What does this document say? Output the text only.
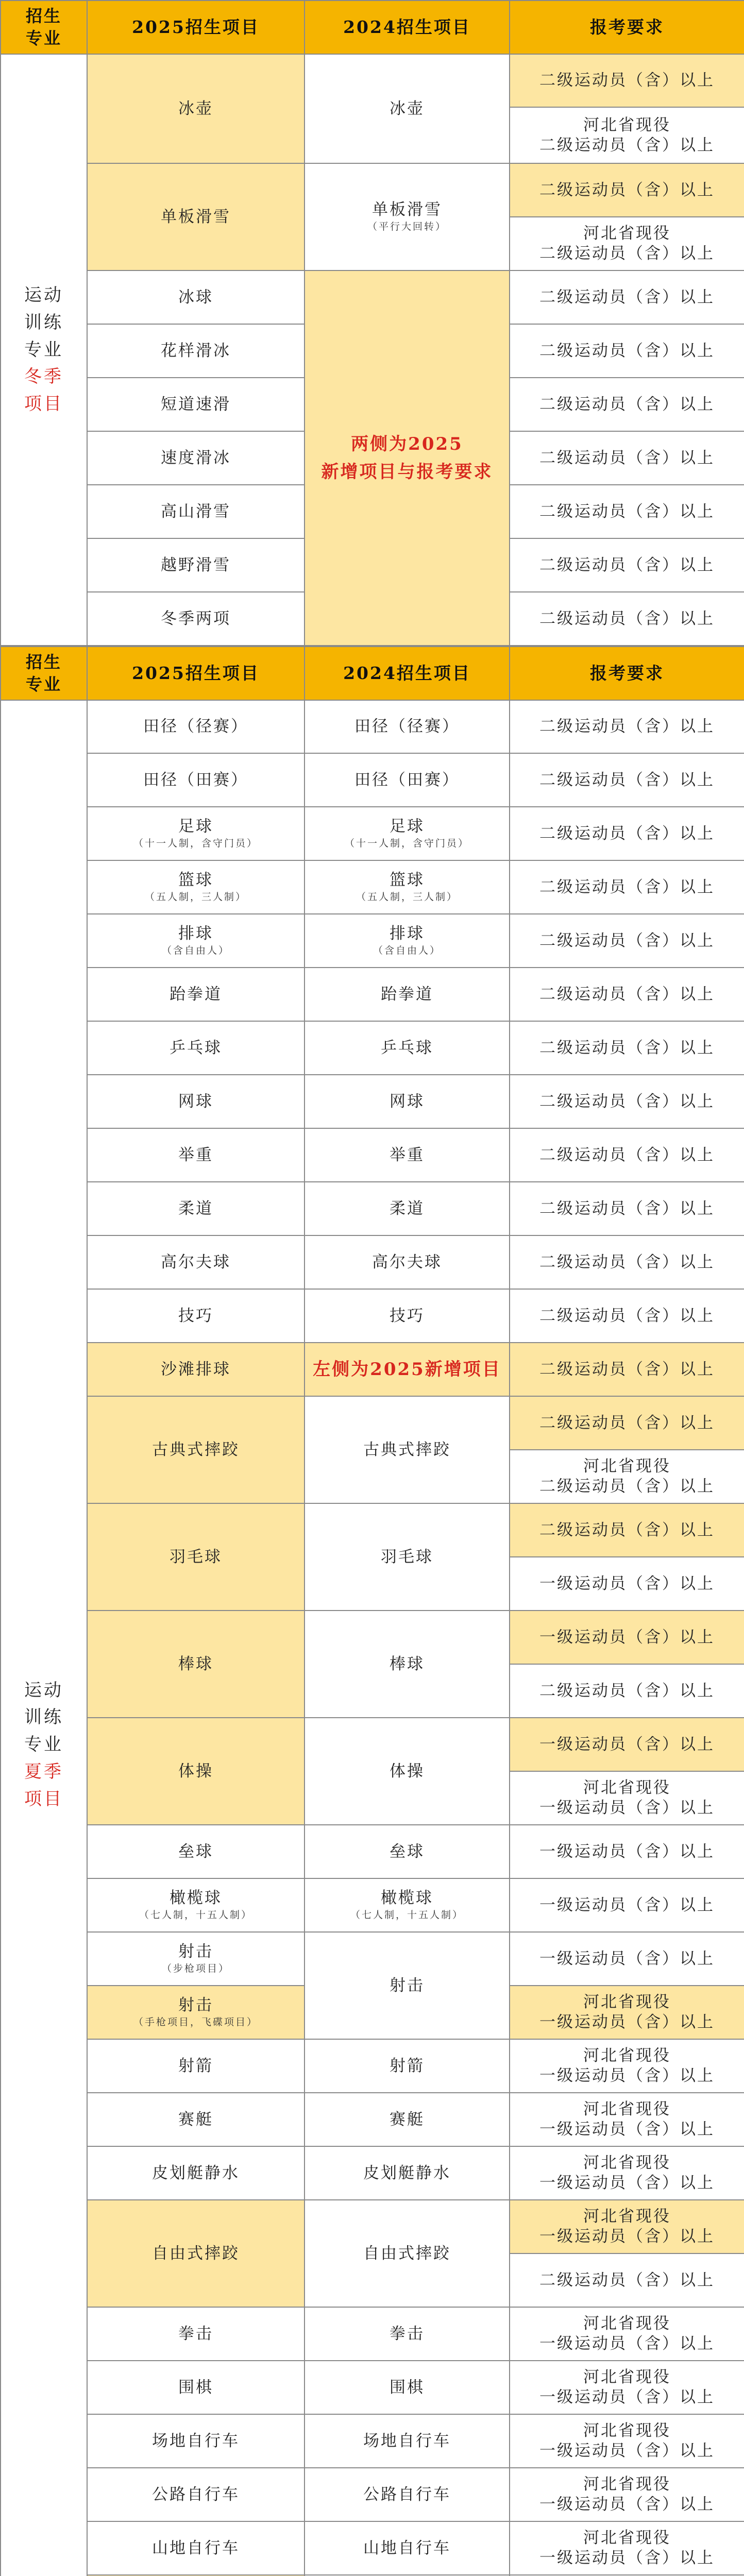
招生
专业	2025招生项目	2024招生项目	报考要求

运动
训练
专业
冬季
项目	冰壶	冰壶	二级运动员（含）以上

			河北省现役
二级运动员（含）以上

	单板滑雪	单板滑雪
（平行大回转）	二级运动员（含）以上

			河北省现役
二级运动员（含）以上

	冰球	两侧为2025
新增项目与报考要求	二级运动员（含）以上
	花样滑冰		二级运动员（含）以上
	短道速滑		二级运动员（含）以上
	速度滑冰		二级运动员（含）以上
	高山滑雪		二级运动员（含）以上
	越野滑雪		二级运动员（含）以上
	冬季两项		二级运动员（含）以上
招生
专业	2025招生项目	2024招生项目	报考要求

运动
训练
专业
夏季
项目	田径（径赛）	田径（径赛）	二级运动员（含）以上
	田径（田赛）	田径（田赛）	二级运动员（含）以上

	足球
（十一人制，含守门员）	足球
（十一人制，含守门员）	二级运动员（含）以上

	篮球
（五人制，三人制）	篮球
（五人制，三人制）	二级运动员（含）以上

	排球
（含自由人）	排球
（含自由人）	二级运动员（含）以上
	跆拳道	跆拳道	二级运动员（含）以上
	乒乓球	乒乓球	二级运动员（含）以上
	网球	网球	二级运动员（含）以上
	举重	举重	二级运动员（含）以上
	柔道	柔道	二级运动员（含）以上
	高尔夫球	高尔夫球	二级运动员（含）以上
	技巧	技巧	二级运动员（含）以上
	沙滩排球	左侧为2025新增项目	二级运动员（含）以上
	古典式摔跤	古典式摔跤	二级运动员（含）以上

			河北省现役
二级运动员（含）以上

	羽毛球	羽毛球	二级运动员（含）以上
			一级运动员（含）以上
	棒球	棒球	一级运动员（含）以上
			二级运动员（含）以上
	体操	体操	一级运动员（含）以上

			河北省现役
一级运动员（含）以上

	垒球	垒球	一级运动员（含）以上

	橄榄球
（七人制，十五人制）	橄榄球
（七人制，十五人制）	一级运动员（含）以上

	射击
（步枪项目）	射击	一级运动员（含）以上

	射击
（手枪项目，飞碟项目）		河北省现役
一级运动员（含）以上

	射箭	射箭	河北省现役
一级运动员（含）以上

	赛艇	赛艇	河北省现役
一级运动员（含）以上

	皮划艇静水	皮划艇静水	河北省现役
一级运动员（含）以上

	自由式摔跤	自由式摔跤	河北省现役
一级运动员（含）以上

			二级运动员（含）以上
	拳击	拳击	河北省现役
一级运动员（含）以上

	围棋	围棋	河北省现役
一级运动员（含）以上

	场地自行车	场地自行车	河北省现役
一级运动员（含）以上

	公路自行车	公路自行车	河北省现役
一级运动员（含）以上

	山地自行车	山地自行车	河北省现役
一级运动员（含）以上
